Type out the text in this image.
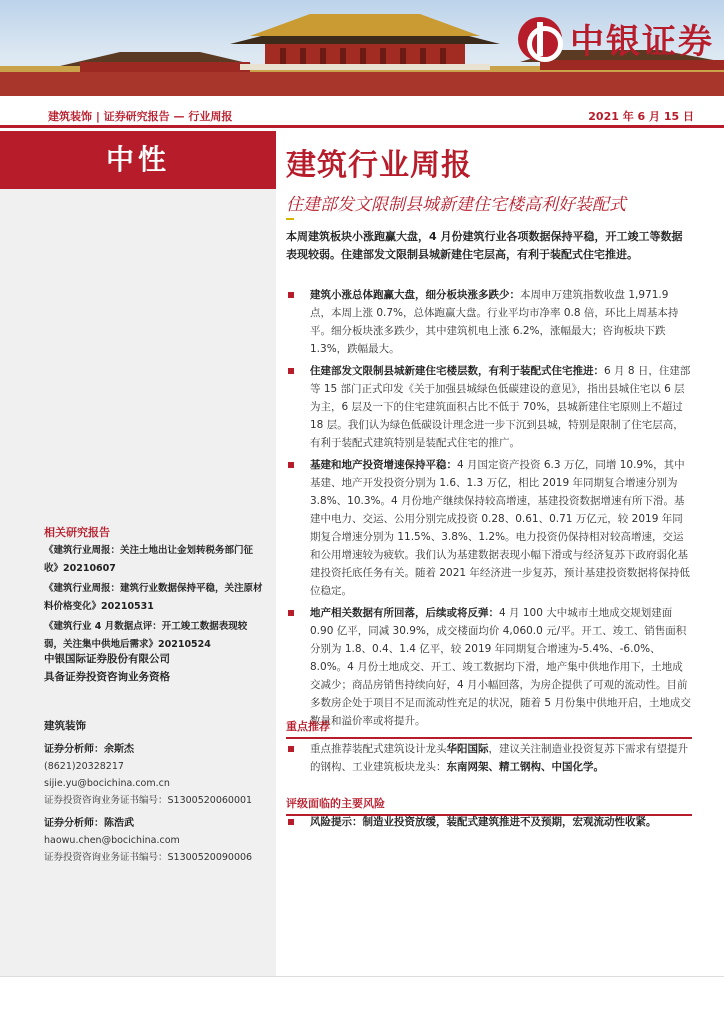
中银证券
建筑装饰 | 证券研究报告 — 行业周报	2021 年 6 月 15 日
中性
相关研究报告
《建筑行业周报：关注土地出让金划转税务部门征收》20210607
《建筑行业周报：建筑行业数据保持平稳，关注原材料价格变化》20210531
《建筑行业 4 月数据点评：开工竣工数据表现较弱，关注集中供地后需求》20210524
中银国际证券股份有限公司
具备证券投资咨询业务资格
建筑装饰
证券分析师：余斯杰
(8621)20328217
sijie.yu@bocichina.com.cn
证券投资咨询业务证书编号：S1300520060001
证券分析师：陈浩武
haowu.chen@bocichina.com
证券投资咨询业务证书编号：S1300520090006
建筑行业周报
住建部发文限制县城新建住宅楼高利好装配式
本周建筑板块小涨跑赢大盘，4 月份建筑行业各项数据保持平稳，开工竣工等数据表现较弱。住建部发文限制县城新建住宅层高，有利于装配式住宅推进。
建筑小涨总体跑赢大盘，细分板块涨多跌少：本周申万建筑指数收盘 1,971.9 点，本周上涨 0.7%，总体跑赢大盘。行业平均市净率 0.8 倍，环比上周基本持平。细分板块涨多跌少，其中建筑机电上涨 6.2%，涨幅最大；咨询板块下跌 1.3%，跌幅最大。
住建部发文限制县城新建住宅楼层数，有利于装配式住宅推进：6 月 8 日，住建部等 15 部门正式印发《关于加强县城绿色低碳建设的意见》，指出县城住宅以 6 层为主，6 层及一下的住宅建筑面积占比不低于 70%，县城新建住宅原则上不超过 18 层。我们认为绿色低碳设计理念进一步下沉到县城，特别是限制了住宅层高，有利于装配式建筑特别是装配式住宅的推广。
基建和地产投资增速保持平稳：4 月国定资产投资 6.3 万亿，同增 10.9%，其中基建、地产开发投资分别为 1.6、1.3 万亿，相比 2019 年同期复合增速分别为 3.8%、10.3%。4 月份地产继续保持较高增速，基建投资数据增速有所下滑。基建中电力、交运、公用分别完成投资 0.28、0.61、0.71 万亿元，较 2019 年同期复合增速分别为 11.5%、3.8%、1.2%。电力投资仍保持相对较高增速，交运和公用增速较为疲软。我们认为基建数据表现小幅下滑或与经济复苏下政府弱化基建投资托底任务有关。随着 2021 年经济进一步复苏，预计基建投资数据将保持低位稳定。
地产相关数据有所回落，后续或将反弹：4 月 100 大中城市土地成交规划建面 0.90 亿平，同减 30.9%，成交楼面均价 4,060.0 元/平。开工、竣工、销售面积分别为 1.8、0.4、1.4 亿平，较 2019 年同期复合增速为-5.4%、-6.0%、8.0%。4 月份土地成交、开工、竣工数据均下滑，地产集中供地作用下，土地成交减少；商品房销售持续向好，4 月小幅回落，为房企提供了可观的流动性。目前多数房企处于项目不足而流动性充足的状况，随着 5 月份集中供地开启，土地成交数量和溢价率或将提升。
重点推荐
重点推荐装配式建筑设计龙头华阳国际，建议关注制造业投资复苏下需求有望提升的钢构、工业建筑板块龙头：东南网架、精工钢构、中国化学。
评级面临的主要风险
风险提示：制造业投资放缓，装配式建筑推进不及预期，宏观流动性收紧。
